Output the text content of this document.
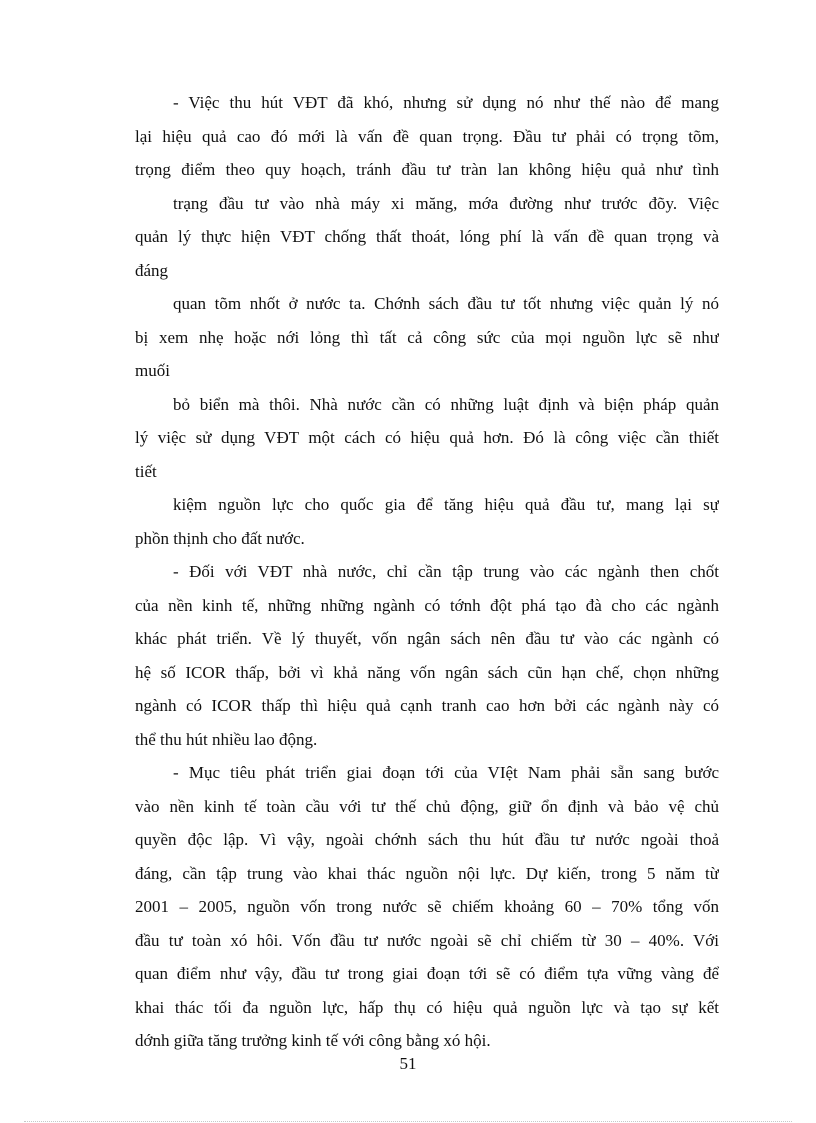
- Việc thu hút VĐT đã khó, nhưng sử dụng nó như thế nào để mang
lại hiệu quả cao đó mới là vấn đề quan trọng. Đầu tư phải có trọng tõm,
trọng điểm theo quy hoạch, tránh đầu tư tràn lan không hiệu quả như tình
trạng đầu tư vào nhà máy xi măng, mớa đường như trước đõy. Việc
quản lý thực hiện VĐT chống thất thoát, lóng phí là vấn đề quan trọng và
đáng
quan tõm nhốt ở nước ta. Chớnh sách đầu tư tốt nhưng việc quản lý nó
bị xem nhẹ hoặc nới lỏng thì tất cả công sức của mọi nguồn lực sẽ như
muối
bỏ biển mà thôi. Nhà nước cần có những luật định và biện pháp quản
lý việc sử dụng VĐT một cách có hiệu quả hơn. Đó là công việc cần thiết
tiết
kiệm nguồn lực cho quốc gia để tăng hiệu quả đầu tư, mang lại sự
phồn thịnh cho đất nước.
- Đối với VĐT nhà nước, chỉ cần tập trung vào các ngành then chốt
của nền kinh tế, những những ngành có tớnh đột phá tạo đà cho các ngành
khác phát triển. Về lý thuyết, vốn ngân sách nên đầu tư vào các ngành có
hệ số ICOR thấp, bởi vì khả năng vốn ngân sách cũn hạn chế, chọn những
ngành có ICOR thấp thì hiệu quả cạnh tranh cao hơn bởi các ngành này có
thể thu hút nhiều lao động.
- Mục tiêu phát triển giai đoạn tới của VIệt Nam phải sẵn sang bước
vào nền kinh tế toàn cầu với tư thế chủ động, giữ ổn định và bảo vệ chủ
quyền độc lập. Vì vậy, ngoài chớnh sách thu hút đầu tư nước ngoài thoả
đáng, cần tập trung vào khai thác nguồn nội lực. Dự kiến, trong 5 năm từ
2001 – 2005, nguồn vốn trong nước sẽ chiếm khoảng 60 – 70% tổng vốn
đầu tư toàn xó hôi. Vốn đầu tư nước ngoài sẽ chỉ chiếm từ 30 – 40%. Với
quan điểm như vậy, đầu tư trong giai đoạn tới sẽ có điểm tựa vững vàng để
khai thác tối đa nguồn lực, hấp thụ có hiệu quả nguồn lực và tạo sự kết
dớnh giữa tăng trưởng kinh tế với công bằng xó hội.
51
